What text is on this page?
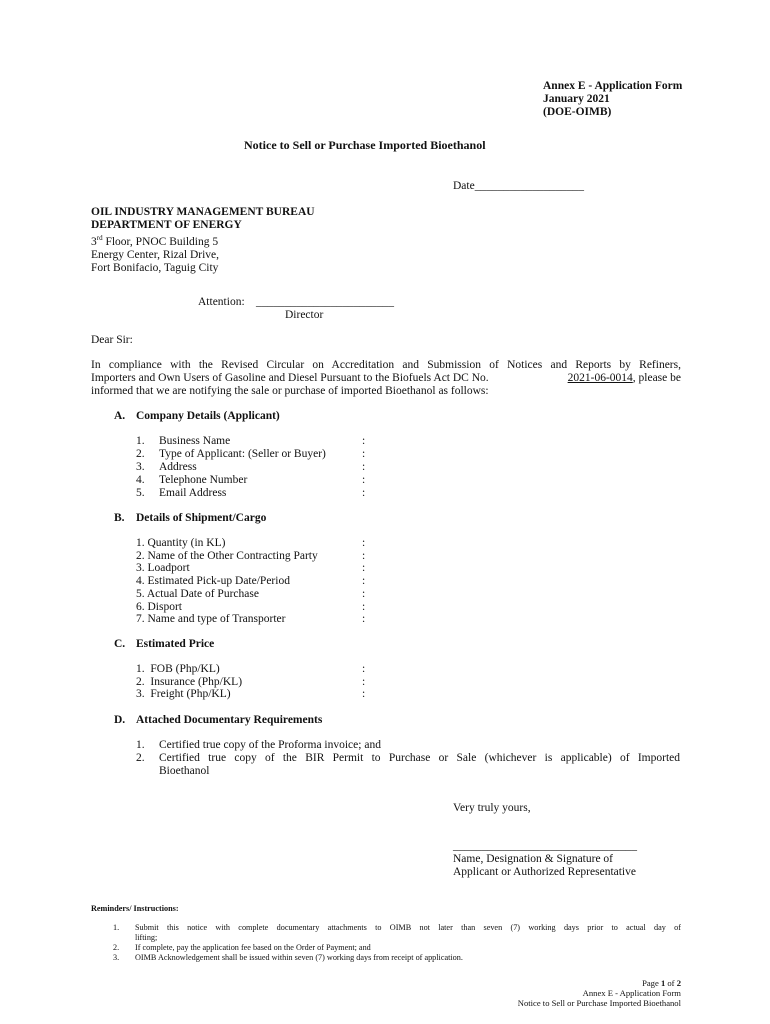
Annex E - Application Form
January 2021
(DOE-OIMB)
Notice to Sell or Purchase Imported Bioethanol
Date___________________
OIL INDUSTRY MANAGEMENT BUREAU
DEPARTMENT OF ENERGY
3rd Floor, PNOC Building 5
Energy Center, Rizal Drive,
Fort Bonifacio, Taguig City
Attention: ________________________
Director
Dear Sir:
In compliance with the Revised Circular on Accreditation and Submission of Notices and Reports by Refiners,
Importers and Own Users of Gasoline and Diesel Pursuant to the Biofuels Act DC No.	2021-06-0014, please be
informed that we are notifying the sale or purchase of imported Bioethanol as follows:
A. Company Details (Applicant)
1. Business Name	:
2. Type of Applicant: (Seller or Buyer)	:
3. Address	:
4. Telephone Number	:
5. Email Address	:
B. Details of Shipment/Cargo
1. Quantity (in KL)	:
2. Name of the Other Contracting Party	:
3. Loadport	:
4. Estimated Pick-up Date/Period	:
5. Actual Date of Purchase	:
6. Disport	:
7. Name and type of Transporter	:
C. Estimated Price
1.  FOB (Php/KL)	:
2.  Insurance (Php/KL)	:
3.  Freight (Php/KL)	:
D. Attached Documentary Requirements
1. Certified true copy of the Proforma invoice; and
2. Certified true copy of the BIR Permit to Purchase or Sale (whichever is applicable) of Imported
Bioethanol
Very truly yours,
________________________________
Name, Designation & Signature of
Applicant or Authorized Representative
Reminders/ Instructions:
1. Submit this notice with complete documentary attachments to OIMB not later than seven (7) working days prior to actual day of
lifting;
2. If complete, pay the application fee based on the Order of Payment; and
3. OIMB Acknowledgement shall be issued within seven (7) working days from receipt of application.
Page 1 of 2
Annex E - Application Form
Notice to Sell or Purchase Imported Bioethanol
